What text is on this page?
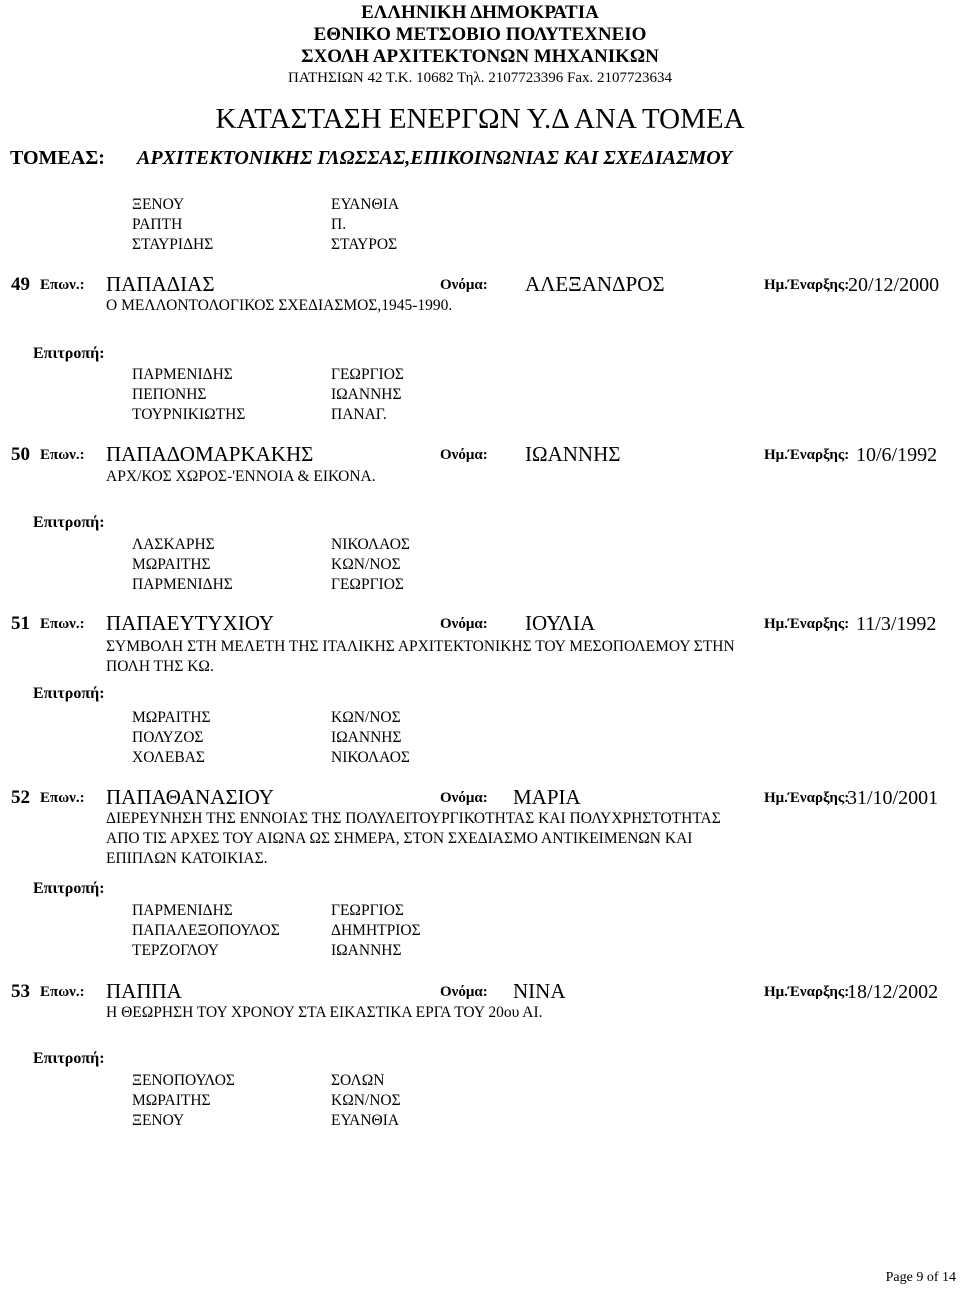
ΕΛΛΗΝΙΚΗ ΔΗΜΟΚΡΑΤΙΑ
ΕΘΝΙΚΟ ΜΕΤΣΟΒΙΟ ΠΟΛΥΤΕΧΝΕΙΟ
ΣΧΟΛΗ ΑΡΧΙΤΕΚΤΟΝΩΝ ΜΗΧΑΝΙΚΩΝ
ΠΑΤΗΣΙΩΝ 42 Τ.Κ. 10682 Τηλ. 2107723396 Fax. 2107723634
ΚΑΤΑΣΤΑΣΗ ΕΝΕΡΓΩΝ Υ.Δ ΑΝΑ ΤΟΜΕΑ
ΤΟΜΕΑΣ: ΑΡΧΙΤΕΚΤΟΝΙΚΗΣ ΓΛΩΣΣΑΣ,ΕΠΙΚΟΙΝΩΝΙΑΣ ΚΑΙ ΣΧΕΔΙΑΣΜΟΥ
ΞΕΝΟΥ	ΕΥΑΝΘΙΑ
ΡΑΠΤΗ	Π.
ΣΤΑΥΡΙΔΗΣ	ΣΤΑΥΡΟΣ
49 Επων.: ΠΑΠΑΔΙΑΣ	Ονόμα: ΑΛΕΞΑΝΔΡΟΣ	Ημ.Έναρξης:
20/12/2000
Ο ΜΕΛΛΟΝΤΟΛΟΓΙΚΟΣ ΣΧΕΔΙΑΣΜΟΣ,1945-1990.
Επιτροπή:
ΠΑΡΜΕΝΙΔΗΣ	ΓΕΩΡΓΙΟΣ
ΠΕΠΟΝΗΣ	ΙΩΑΝΝΗΣ
ΤΟΥΡΝΙΚΙΩΤΗΣ	ΠΑΝΑΓ.
50 Επων.: ΠΑΠΑΔΟΜΑΡΚΑΚΗΣ	Ονόμα: ΙΩΑΝΝΗΣ	Ημ.Έναρξης: 10/6/1992
ΑΡΧ/ΚΟΣ ΧΩΡΟΣ-'ΕΝΝΟΙΑ & ΕΙΚΟΝΑ.
Επιτροπή:
ΛΑΣΚΑΡΗΣ	ΝΙΚΟΛΑΟΣ
ΜΩΡΑΙΤΗΣ	ΚΩΝ/ΝΟΣ
ΠΑΡΜΕΝΙΔΗΣ	ΓΕΩΡΓΙΟΣ
51 Επων.: ΠΑΠΑΕΥΤΥΧΙΟΥ	Ονόμα: ΙΟΥΛΙΑ	Ημ.Έναρξης: 11/3/1992
ΣΥΜΒΟΛΗ ΣΤΗ ΜΕΛΕΤΗ ΤΗΣ ΙΤΑΛΙΚΗΣ ΑΡΧΙΤΕΚΤΟΝΙΚΗΣ ΤΟΥ ΜΕΣΟΠΟΛΕΜΟΥ ΣΤΗΝ
ΠΟΛΗ ΤΗΣ ΚΩ.
Επιτροπή:
ΜΩΡΑΙΤΗΣ	ΚΩΝ/ΝΟΣ
ΠΟΛΥΖΟΣ	ΙΩΑΝΝΗΣ
ΧΟΛΕΒΑΣ	ΝΙΚΟΛΑΟΣ
52 Επων.: ΠΑΠΑΘΑΝΑΣΙΟΥ	Ονόμα: ΜΑΡΙΑ	Ημ.Έναρξης:
31/10/2001
ΔΙΕΡΕΥΝΗΣΗ ΤΗΣ ΕΝΝΟΙΑΣ ΤΗΣ ΠΟΛΥΛΕΙΤΟΥΡΓΙΚΟΤΗΤΑΣ ΚΑΙ ΠΟΛΥΧΡΗΣΤΟΤΗΤΑΣ
ΑΠΟ ΤΙΣ ΑΡΧΕΣ ΤΟΥ ΑΙΩΝΑ ΩΣ ΣΗΜΕΡΑ, ΣΤΟΝ ΣΧΕΔΙΑΣΜΟ ΑΝΤΙΚΕΙΜΕΝΩΝ ΚΑΙ
ΕΠΙΠΛΩΝ ΚΑΤΟΙΚΙΑΣ.
Επιτροπή:
ΠΑΡΜΕΝΙΔΗΣ	ΓΕΩΡΓΙΟΣ
ΠΑΠΑΛΕΞΟΠΟΥΛΟΣ	ΔΗΜΗΤΡΙΟΣ
ΤΕΡΖΟΓΛΟΥ	ΙΩΑΝΝΗΣ
53 Επων.: ΠΑΠΠΑ	Ονόμα: ΝΙΝΑ	Ημ.Έναρξης:
18/12/2002
Η ΘΕΩΡΗΣΗ ΤΟΥ ΧΡΟΝΟΥ ΣΤΑ ΕΙΚΑΣΤΙΚΑ ΕΡΓΑ ΤΟΥ 20ου ΑΙ.
Επιτροπή:
ΞΕΝΟΠΟΥΛΟΣ	ΣΟΛΩΝ
ΜΩΡΑΙΤΗΣ	ΚΩΝ/ΝΟΣ
ΞΕΝΟΥ	ΕΥΑΝΘΙΑ
Page 9 of 14
